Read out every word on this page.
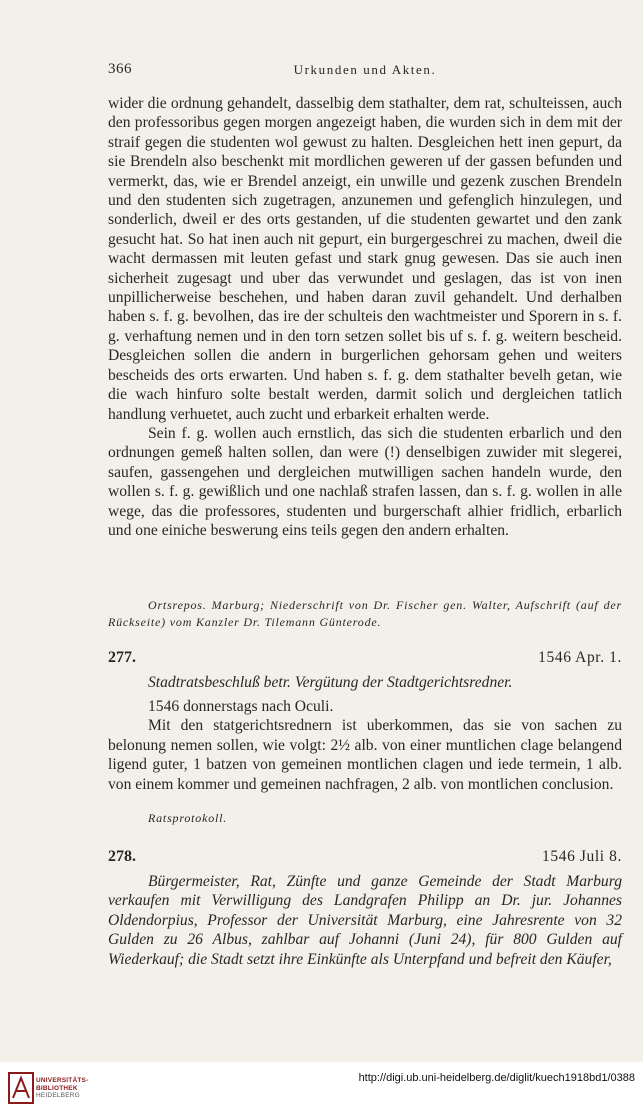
366	Urkunden und Akten.

wider die ordnung gehandelt, dasselbig dem stathalter, dem rat, schulteissen, auch den professoribus gegen morgen angezeigt haben, die wurden sich in dem mit der straif gegen die studenten wol gewust zu halten. Desgleichen hett inen gepurt, da sie Brendeln also beschenkt mit mordlichen geweren uf der gassen befunden und vermerkt, das, wie er Brendel anzeigt, ein unwille und gezenk zuschen Brendeln und den studenten sich zugetragen, anzunemen und gefenglich hinzulegen, und sonderlich, dweil er des orts gestanden, uf die studenten gewartet und den zank gesucht hat. So hat inen auch nit gepurt, ein burgergeschrei zu machen, dweil die wacht dermassen mit leuten gefast und stark gnug gewesen. Das sie auch inen sicherheit zugesagt und uber das verwundet und geslagen, das ist von inen unpillicherweise beschehen, und haben daran zuvil gehandelt. Und derhalben haben s. f. g. bevolhen, das ire der schulteis den wachtmeister und Sporern in s. f. g. verhaftung nemen und in den torn setzen sollet bis uf s. f. g. weitern bescheid. Desgleichen sollen die andern in burgerlichen gehorsam gehen und weiters bescheids des orts erwarten. Und haben s. f. g. dem stathalter bevelh getan, wie die wach hinfuro solte bestalt werden, darmit solich und dergleichen tatlich handlung verhuetet, auch zucht und erbarkeit erhalten werde.

Sein f. g. wollen auch ernstlich, das sich die studenten erbarlich und den ordnungen gemeß halten sollen, dan were (!) denselbigen zuwider mit slegerei, saufen, gassengehen und dergleichen mutwilligen sachen handeln wurde, den wollen s. f. g. gewißlich und one nachlaß strafen lassen, dan s. f. g. wollen in alle wege, das die professores, studenten und burgerschaft alhier fridlich, erbarlich und one einiche beswerung eins teils gegen den andern erhalten.

Ortsrepos. Marburg; Niederschrift von Dr. Fischer gen. Walter, Aufschrift (auf der Rückseite) vom Kanzler Dr. Tilemann Günterode.

277.	1546 Apr. 1.

Stadtratsbeschluß betr. Vergütung der Stadtgerichtsredner.

1546 donnerstags nach Oculi.

Mit den statgerichtsrednern ist uberkommen, das sie von sachen zu belonung nemen sollen, wie volgt: 2½ alb. von einer muntlichen clage belangend ligend guter, 1 batzen von gemeinen montlichen clagen und iede termein, 1 alb. von einem kommer und gemeinen nachfragen, 2 alb. von montlichen conclusion.

Ratsprotokoll.

278.	1546 Juli 8.

Bürgermeister, Rat, Zünfte und ganze Gemeinde der Stadt Marburg verkaufen mit Verwilligung des Landgrafen Philipp an Dr. jur. Johannes Oldendorpius, Professor der Universität Marburg, eine Jahresrente von 32 Gulden zu 26 Albus, zahlbar auf Johanni (Juni 24), für 800 Gulden auf Wiederkauf; die Stadt setzt ihre Einkünfte als Unterpfand und befreit den Käufer,

UNIVERSITÄTS-
BIBLIOTHEK
HEIDELBERG
http://digi.ub.uni-heidelberg.de/diglit/kuech1918bd1/0388
